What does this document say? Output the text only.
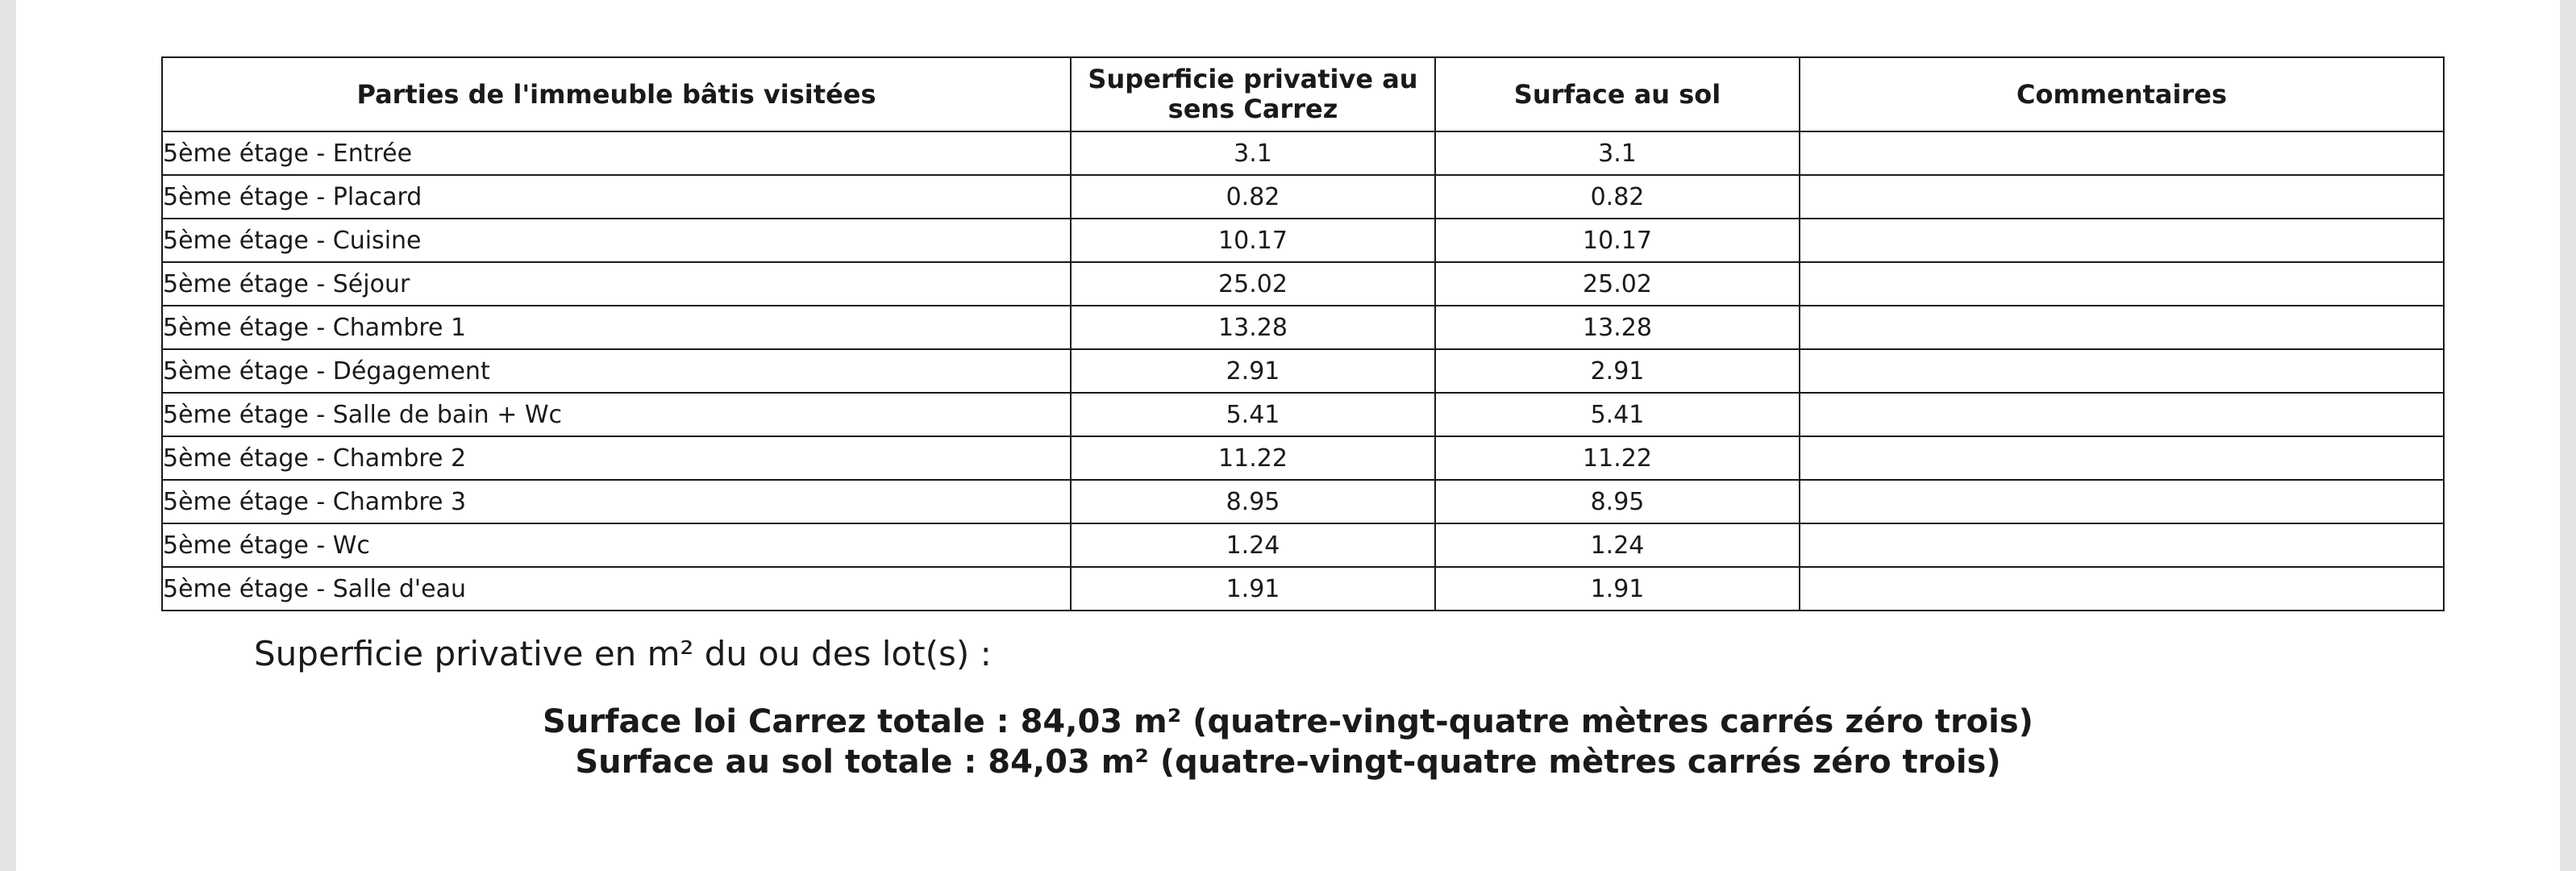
Parties de l'immeuble bâtis visitées	Superficie privative au sens Carrez	Surface au sol	Commentaires
5ème étage - Entrée	3.1	3.1	
5ème étage - Placard	0.82	0.82	
5ème étage - Cuisine	10.17	10.17	
5ème étage - Séjour	25.02	25.02	
5ème étage - Chambre 1	13.28	13.28	
5ème étage - Dégagement	2.91	2.91	
5ème étage - Salle de bain + Wc	5.41	5.41	
5ème étage - Chambre 2	11.22	11.22	
5ème étage - Chambre 3	8.95	8.95	
5ème étage - Wc	1.24	1.24	
5ème étage - Salle d'eau	1.91	1.91	
Superficie privative en m² du ou des lot(s) :
Surface loi Carrez totale : 84,03 m² (quatre-vingt-quatre mètres carrés zéro trois)
Surface au sol totale : 84,03 m² (quatre-vingt-quatre mètres carrés zéro trois)
